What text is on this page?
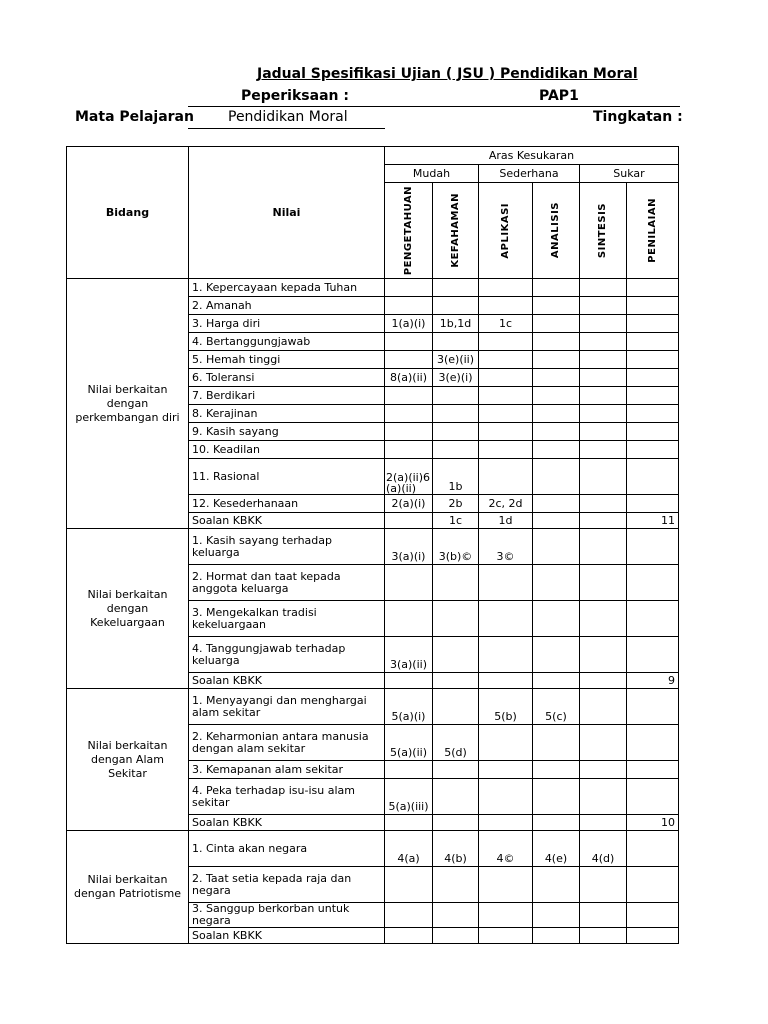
Jadual Spesifikasi Ujian ( JSU ) Pendidikan Moral
Peperiksaan :	PAP1
Mata Pelajaran Pendidikan Moral	Tingkatan :
Bidang	Nilai	Aras Kesukaran					
		Mudah		Sederhana		Sukar	

		PENGETAHUAN	KEFAHAMAN	APLIKASI	ANALISIS	SINTESIS	PENILAIAN

Nilai berkaitan dengan perkembangan diri	1. Kepercayaan kepada Tuhan						
	2. Amanah						
	3. Harga diri	1(a)(i)	1b,1d	1c			
	4. Bertanggungjawab						
	5. Hemah tinggi		3(e)(ii)				
	6. Toleransi	8(a)(ii)	3(e)(i)				
	7. Berdikari						
	8. Kerajinan						
	9. Kasih sayang						
	10. Keadilan						
	11. Rasional	2(a)(ii)6(a)(ii)	1b				
	12. Kesederhanaan	2(a)(i)	2b	2c, 2d			
	Soalan KBKK		1c	1d			11
Nilai berkaitan dengan Kekeluargaan	1. Kasih sayang terhadap keluarga	3(a)(i)	3(b)©	3©			
	2. Hormat dan taat kepada anggota keluarga						
	3. Mengekalkan tradisi kekeluargaan						
	4. Tanggungjawab terhadap keluarga	3(a)(ii)					
	Soalan KBKK						9
Nilai berkaitan dengan Alam Sekitar	1. Menyayangi dan menghargai alam sekitar	5(a)(i)		5(b)	5(c)		
	2. Keharmonian antara manusia dengan alam sekitar	5(a)(ii)	5(d)				
	3. Kemapanan alam sekitar						
	4. Peka terhadap isu-isu alam sekitar	5(a)(iii)					
	Soalan KBKK						10
Nilai berkaitan dengan Patriotisme	1. Cinta akan negara	4(a)	4(b)	4©	4(e)	4(d)	
	2. Taat setia kepada raja dan negara						
	3. Sanggup berkorban untuk negara						
	Soalan KBKK						
